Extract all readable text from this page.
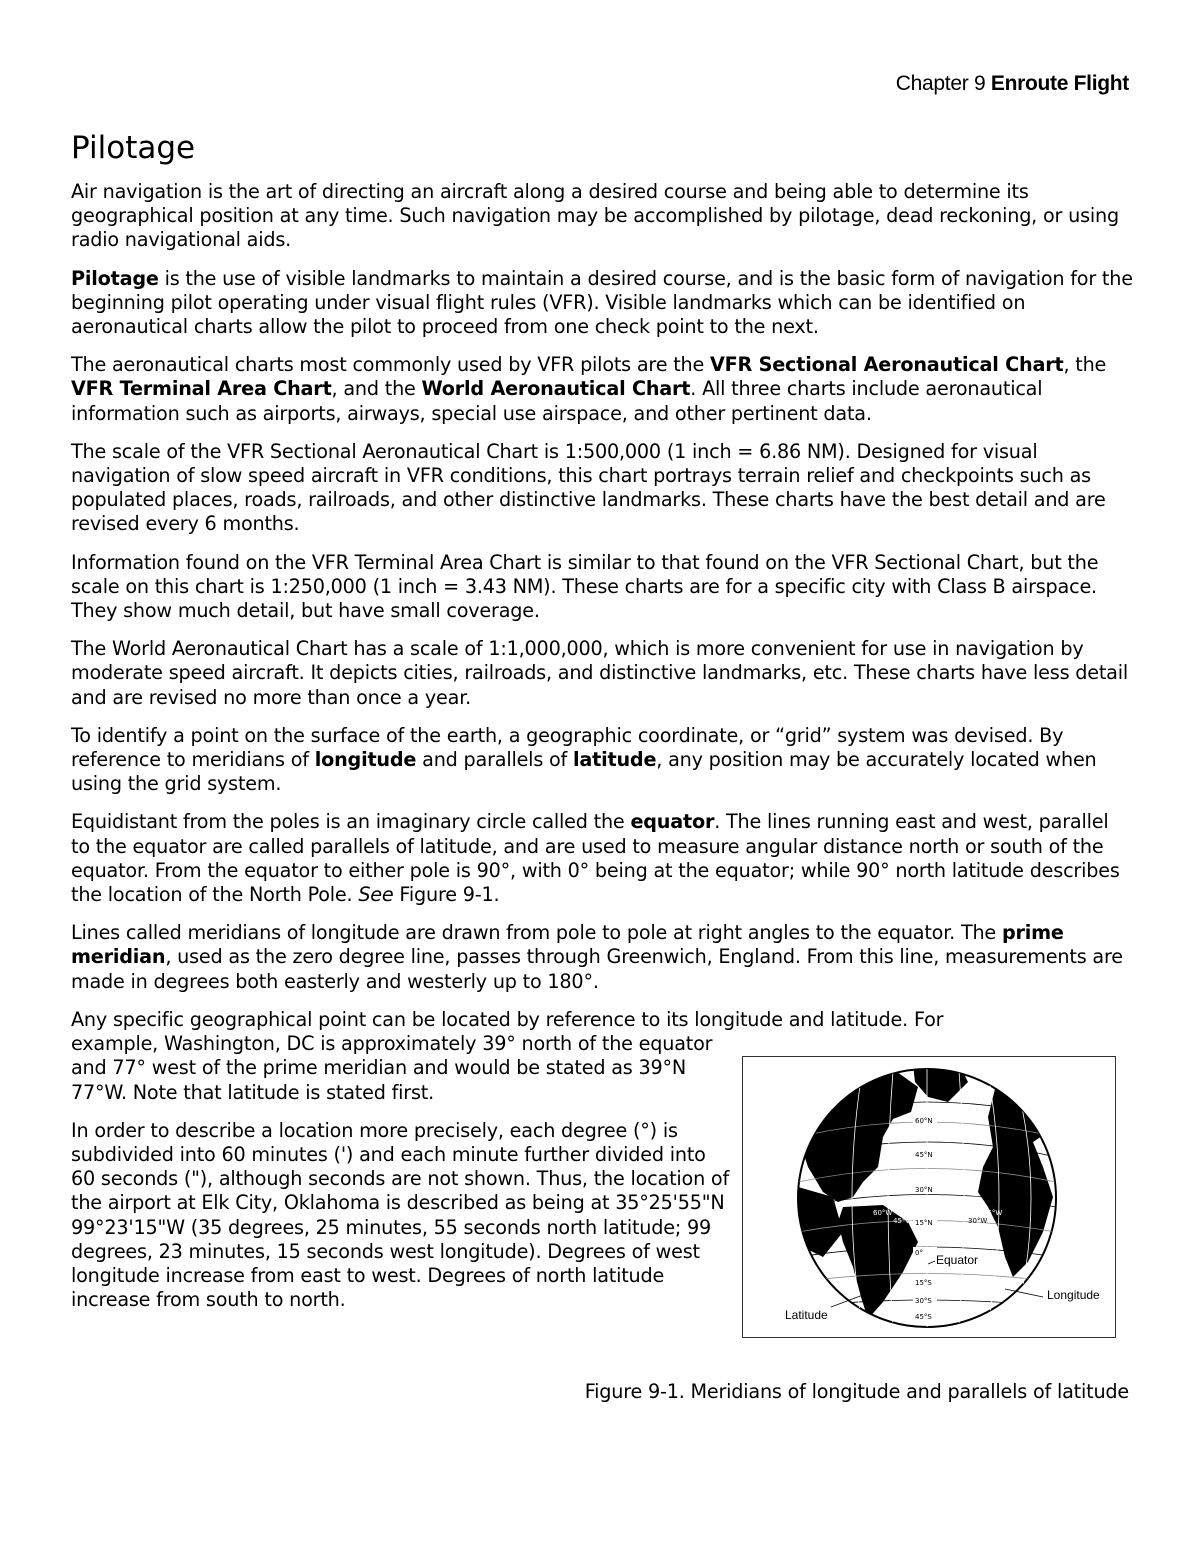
Chapter 9 Enroute Flight
Pilotage

Air navigation is the art of directing an aircraft along a desired course and being able to determine its geographical position at any time. Such navigation may be accomplished by pilotage, dead reckoning, or using radio navigational aids.

Pilotage is the use of visible landmarks to maintain a desired course, and is the basic form of navigation for the beginning pilot operating under visual flight rules (VFR). Visible landmarks which can be identified on aeronautical charts allow the pilot to proceed from one check point to the next.

The aeronautical charts most commonly used by VFR pilots are the VFR Sectional Aeronautical Chart, the VFR Terminal Area Chart, and the World Aeronautical Chart. All three charts include aeronautical information such as airports, airways, special use airspace, and other pertinent data.

The scale of the VFR Sectional Aeronautical Chart is 1:500,000 (1 inch = 6.86 NM). Designed for visual navigation of slow speed aircraft in VFR conditions, this chart portrays terrain relief and checkpoints such as populated places, roads, railroads, and other distinctive landmarks. These charts have the best detail and are revised every 6 months.

Information found on the VFR Terminal Area Chart is similar to that found on the VFR Sectional Chart, but the scale on this chart is 1:250,000 (1 inch = 3.43 NM). These charts are for a specific city with Class B airspace. They show much detail, but have small coverage.

The World Aeronautical Chart has a scale of 1:1,000,000, which is more convenient for use in navigation by moderate speed aircraft. It depicts cities, railroads, and distinctive landmarks, etc. These charts have less detail and are revised no more than once a year.

To identify a point on the surface of the earth, a geographic coordinate, or “grid” system was devised. By reference to meridians of longitude and parallels of latitude, any position may be accurately located when using the grid system.

Equidistant from the poles is an imaginary circle called the equator. The lines running east and west, parallel to the equator are called parallels of latitude, and are used to measure angular distance north or south of the equator. From the equator to either pole is 90°, with 0° being at the equator; while 90° north latitude describes the location of the North Pole. See Figure 9-1.

Lines called meridians of longitude are drawn from pole to pole at right angles to the equator. The prime meridian, used as the zero degree line, passes through Greenwich, England. From this line, measurements are made in degrees both easterly and westerly up to 180°.

Any specific geographical point can be located by reference to its longitude and latitude. For

example, Washington, DC is approximately 39° north of the equator and 77° west of the prime meridian and would be stated as 39°N 77°W. Note that latitude is stated first.

In order to describe a location more precisely, each degree (°) is subdivided into 60 minutes (') and each minute further divided into 60 seconds ("), although seconds are not shown. Thus, the location of the airport at Elk City, Oklahoma is described as being at 35°25'55"N 99°23'15"W (35 degrees, 25 minutes, 55 seconds north latitude; 99 degrees, 23 minutes, 15 seconds west longitude). Degrees of west longitude increase from east to west. Degrees of north latitude increase from south to north.

60°N
45°N
30°N
15°N
0°
15°S
30°S
45°S
60°W
45°W	30°W
15°W
Equator
Longitude
Latitude
Figure 9-1. Meridians of longitude and parallels of latitude
